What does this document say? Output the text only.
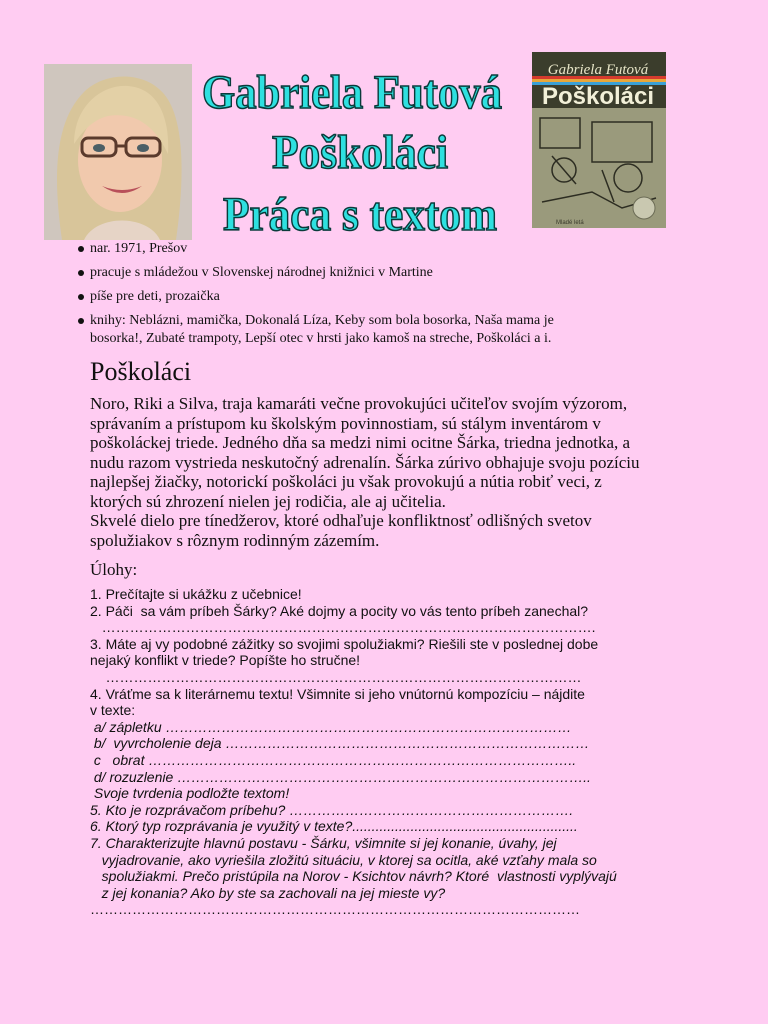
Gabriela Futová
Poškoláci
Práca s textom
Gabriela Futová
Poškoláci
Mladé letá
nar. 1971, Prešov
pracuje s mládežou v Slovenskej národnej knižnici v Martine
píše pre deti, prozaička
knihy: Neblázni, mamička, Dokonalá Líza, Keby som bola bosorka, Naša mama je
bosorka!, Zubaté trampoty, Lepší otec v hrsti jako kamoš na streche, Poškoláci a i.
Poškoláci
Noro, Riki a Silva, traja kamaráti večne provokujúci učiteľov svojím výzorom,
správaním a prístupom ku školským povinnostiam, sú stálym inventárom v
poškoláckej triede. Jedného dňa sa medzi nimi ocitne Šárka, triedna jednotka, a
nudu razom vystrieda neskutočný adrenalín. Šárka zúrivo obhajuje svoju pozíciu
najlepšej žiačky, notorickí poškoláci ju však provokujú a nútia robiť veci, z
ktorých sú zhrození nielen jej rodičia, ale aj učitelia.
Skvelé dielo pre tínedžerov, ktoré odhaľuje konfliktnosť odlišných svetov
spolužiakov s rôznym rodinným zázemím.

Úlohy:

1. Prečítajte si ukážku z učebnice!
2. Páči  sa vám príbeh Šárky? Aké dojmy a pocity vo vás tento príbeh zanechal?
…………………………………………………………………………………………….
3. Máte aj vy podobné zážitky so svojimi spolužiakmi? Riešili ste v poslednej dobe
nejaký konflikt v triede? Popíšte ho stručne!
…………………………………………………………………………………………
4. Vráťme sa k literárnemu textu! Všimnite si jeho vnútornú kompozíciu – nájdite
v texte:
a/ zápletku ……………………………………………………………………………
b/  vyvrcholenie deja ……………………………………………………………………
c   obrat ………………………………………………………………………………..
d/ rozuzlenie ……………………………………………………………………………..
Svoje tvrdenia podložte textom!
5. Kto je rozprávačom príbehu? …………………………………………………….
6. Ktorý typ rozprávania je využitý v texte?..........................................................
7. Charakterizujte hlavnú postavu - Šárku, všimnite si jej konanie, úvahy, jej
vyjadrovanie, ako vyriešila zložitú situáciu, v ktorej sa ocitla, aké vzťahy mala so
spolužiakmi. Prečo pristúpila na Norov - Ksichtov návrh? Ktoré  vlastnosti vyplývajú
z jej konania? Ako by ste sa zachovali na jej mieste vy?
……………………………………………………………………………………………
